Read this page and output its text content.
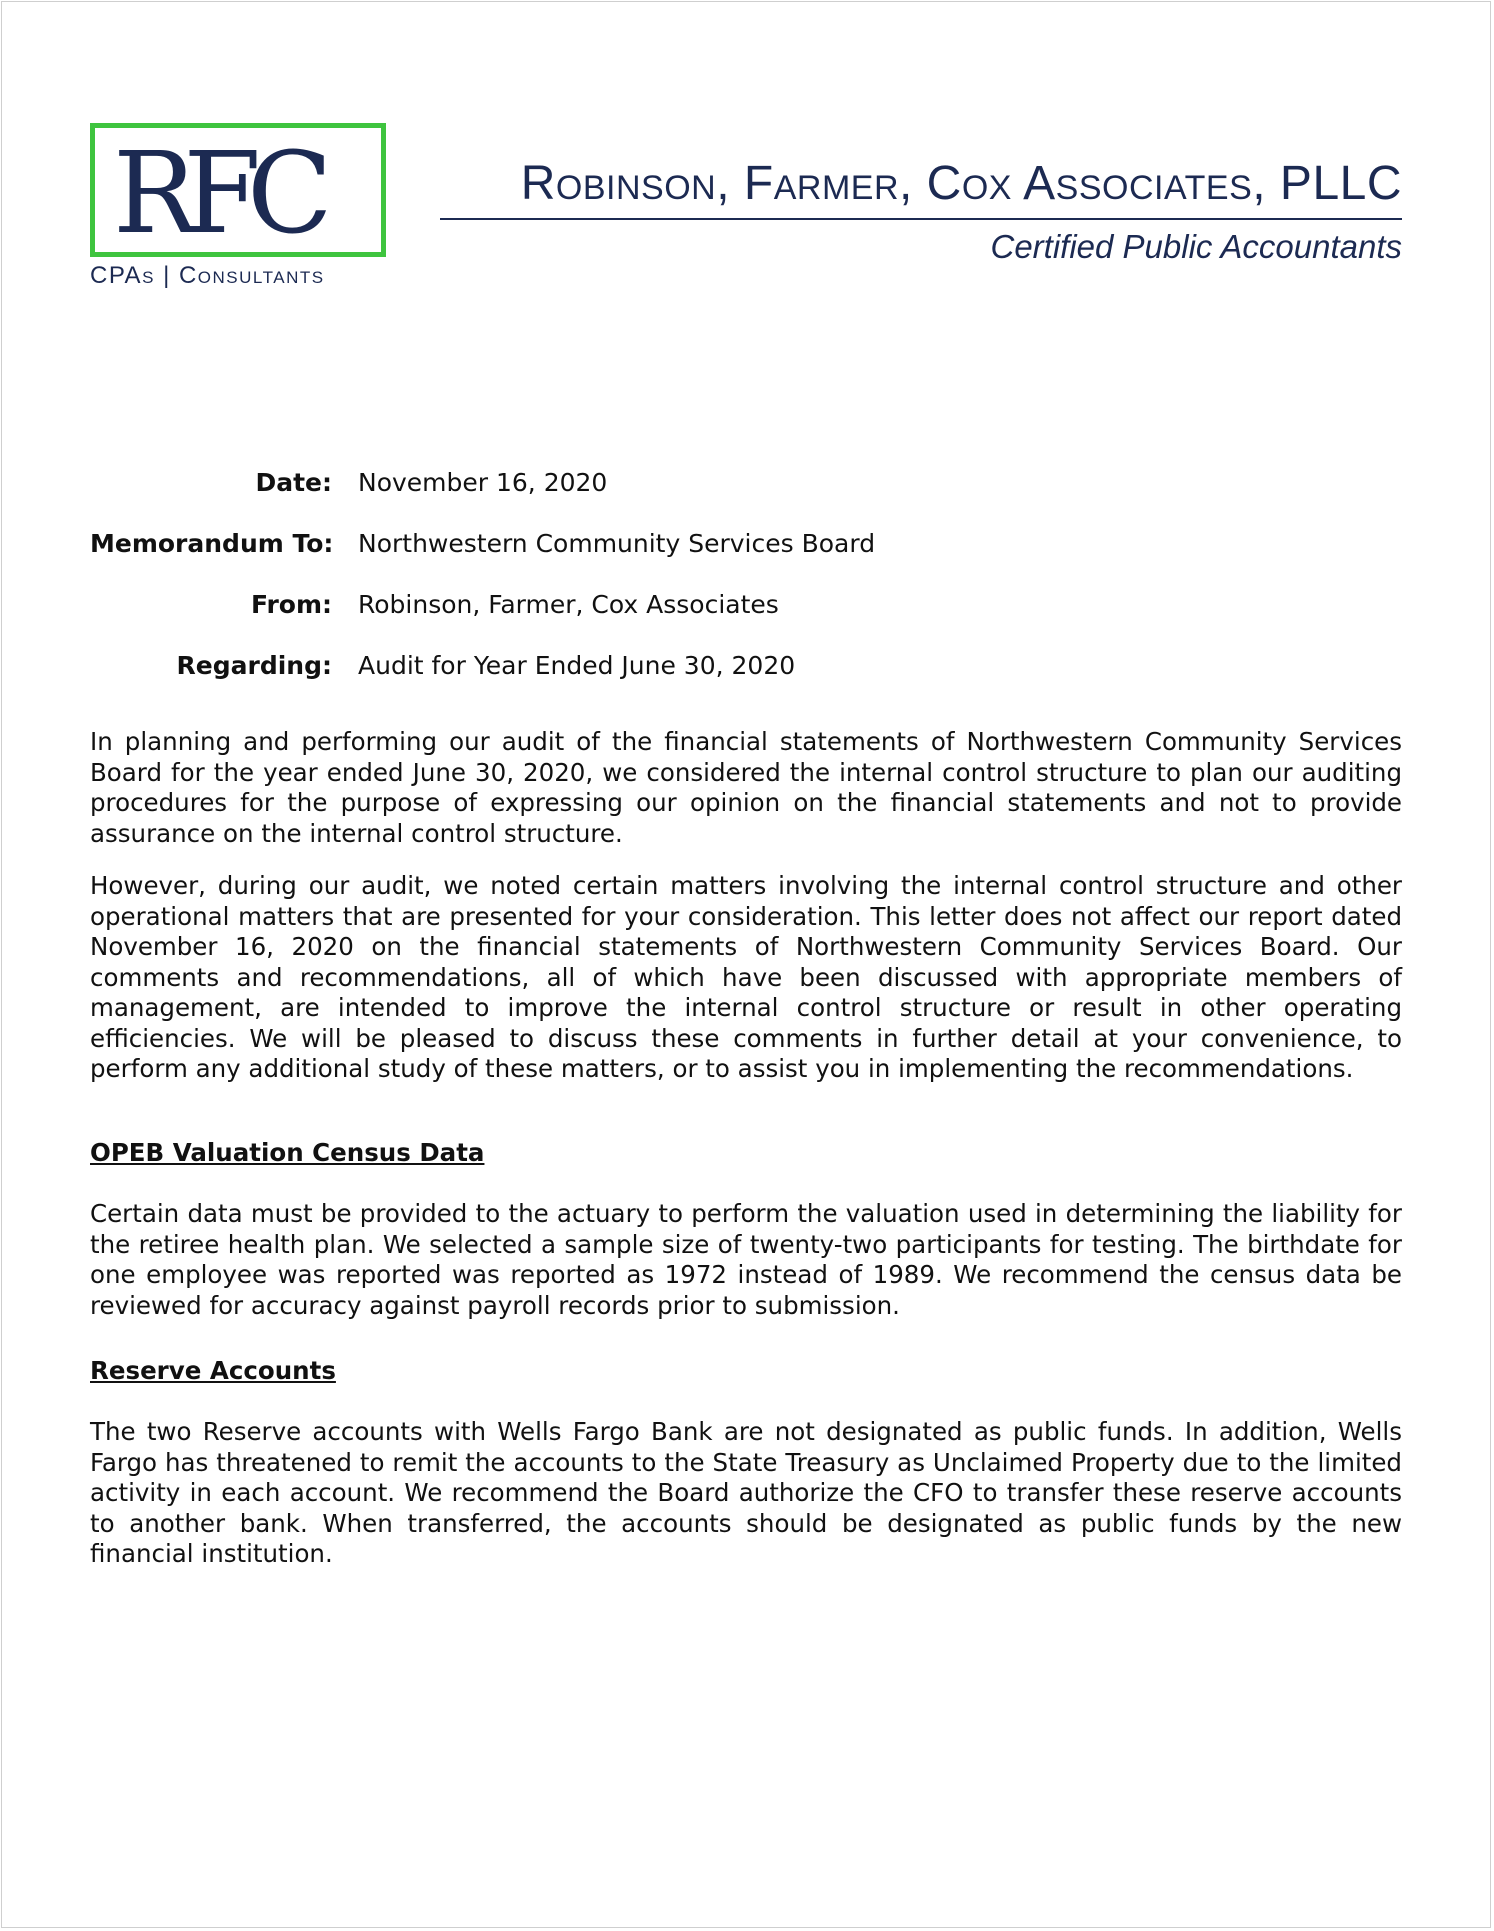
RFC
CPAs | Consultants
Robinson, Farmer, Cox Associates, PLLC
Certified Public Accountants
Date: November 16, 2020
Memorandum To: Northwestern Community Services Board
From: Robinson, Farmer, Cox Associates
Regarding: Audit for Year Ended June 30, 2020
In planning and performing our audit of the financial statements of Northwestern Community Services Board for the year ended June 30, 2020, we considered the internal control structure to plan our auditing procedures for the purpose of expressing our opinion on the financial statements and not to provide assurance on the internal control structure.
However, during our audit, we noted certain matters involving the internal control structure and other operational matters that are presented for your consideration. This letter does not affect our report dated November 16, 2020 on the financial statements of Northwestern Community Services Board. Our comments and recommendations, all of which have been discussed with appropriate members of management, are intended to improve the internal control structure or result in other operating efficiencies. We will be pleased to discuss these comments in further detail at your convenience, to perform any additional study of these matters, or to assist you in implementing the recommendations.
OPEB Valuation Census Data
Certain data must be provided to the actuary to perform the valuation used in determining the liability for the retiree health plan. We selected a sample size of twenty-two participants for testing. The birthdate for one employee was reported was reported as 1972 instead of 1989. We recommend the census data be reviewed for accuracy against payroll records prior to submission.
Reserve Accounts
The two Reserve accounts with Wells Fargo Bank are not designated as public funds. In addition, Wells Fargo has threatened to remit the accounts to the State Treasury as Unclaimed Property due to the limited activity in each account. We recommend the Board authorize the CFO to transfer these reserve accounts to another bank. When transferred, the accounts should be designated as public funds by the new financial institution.
